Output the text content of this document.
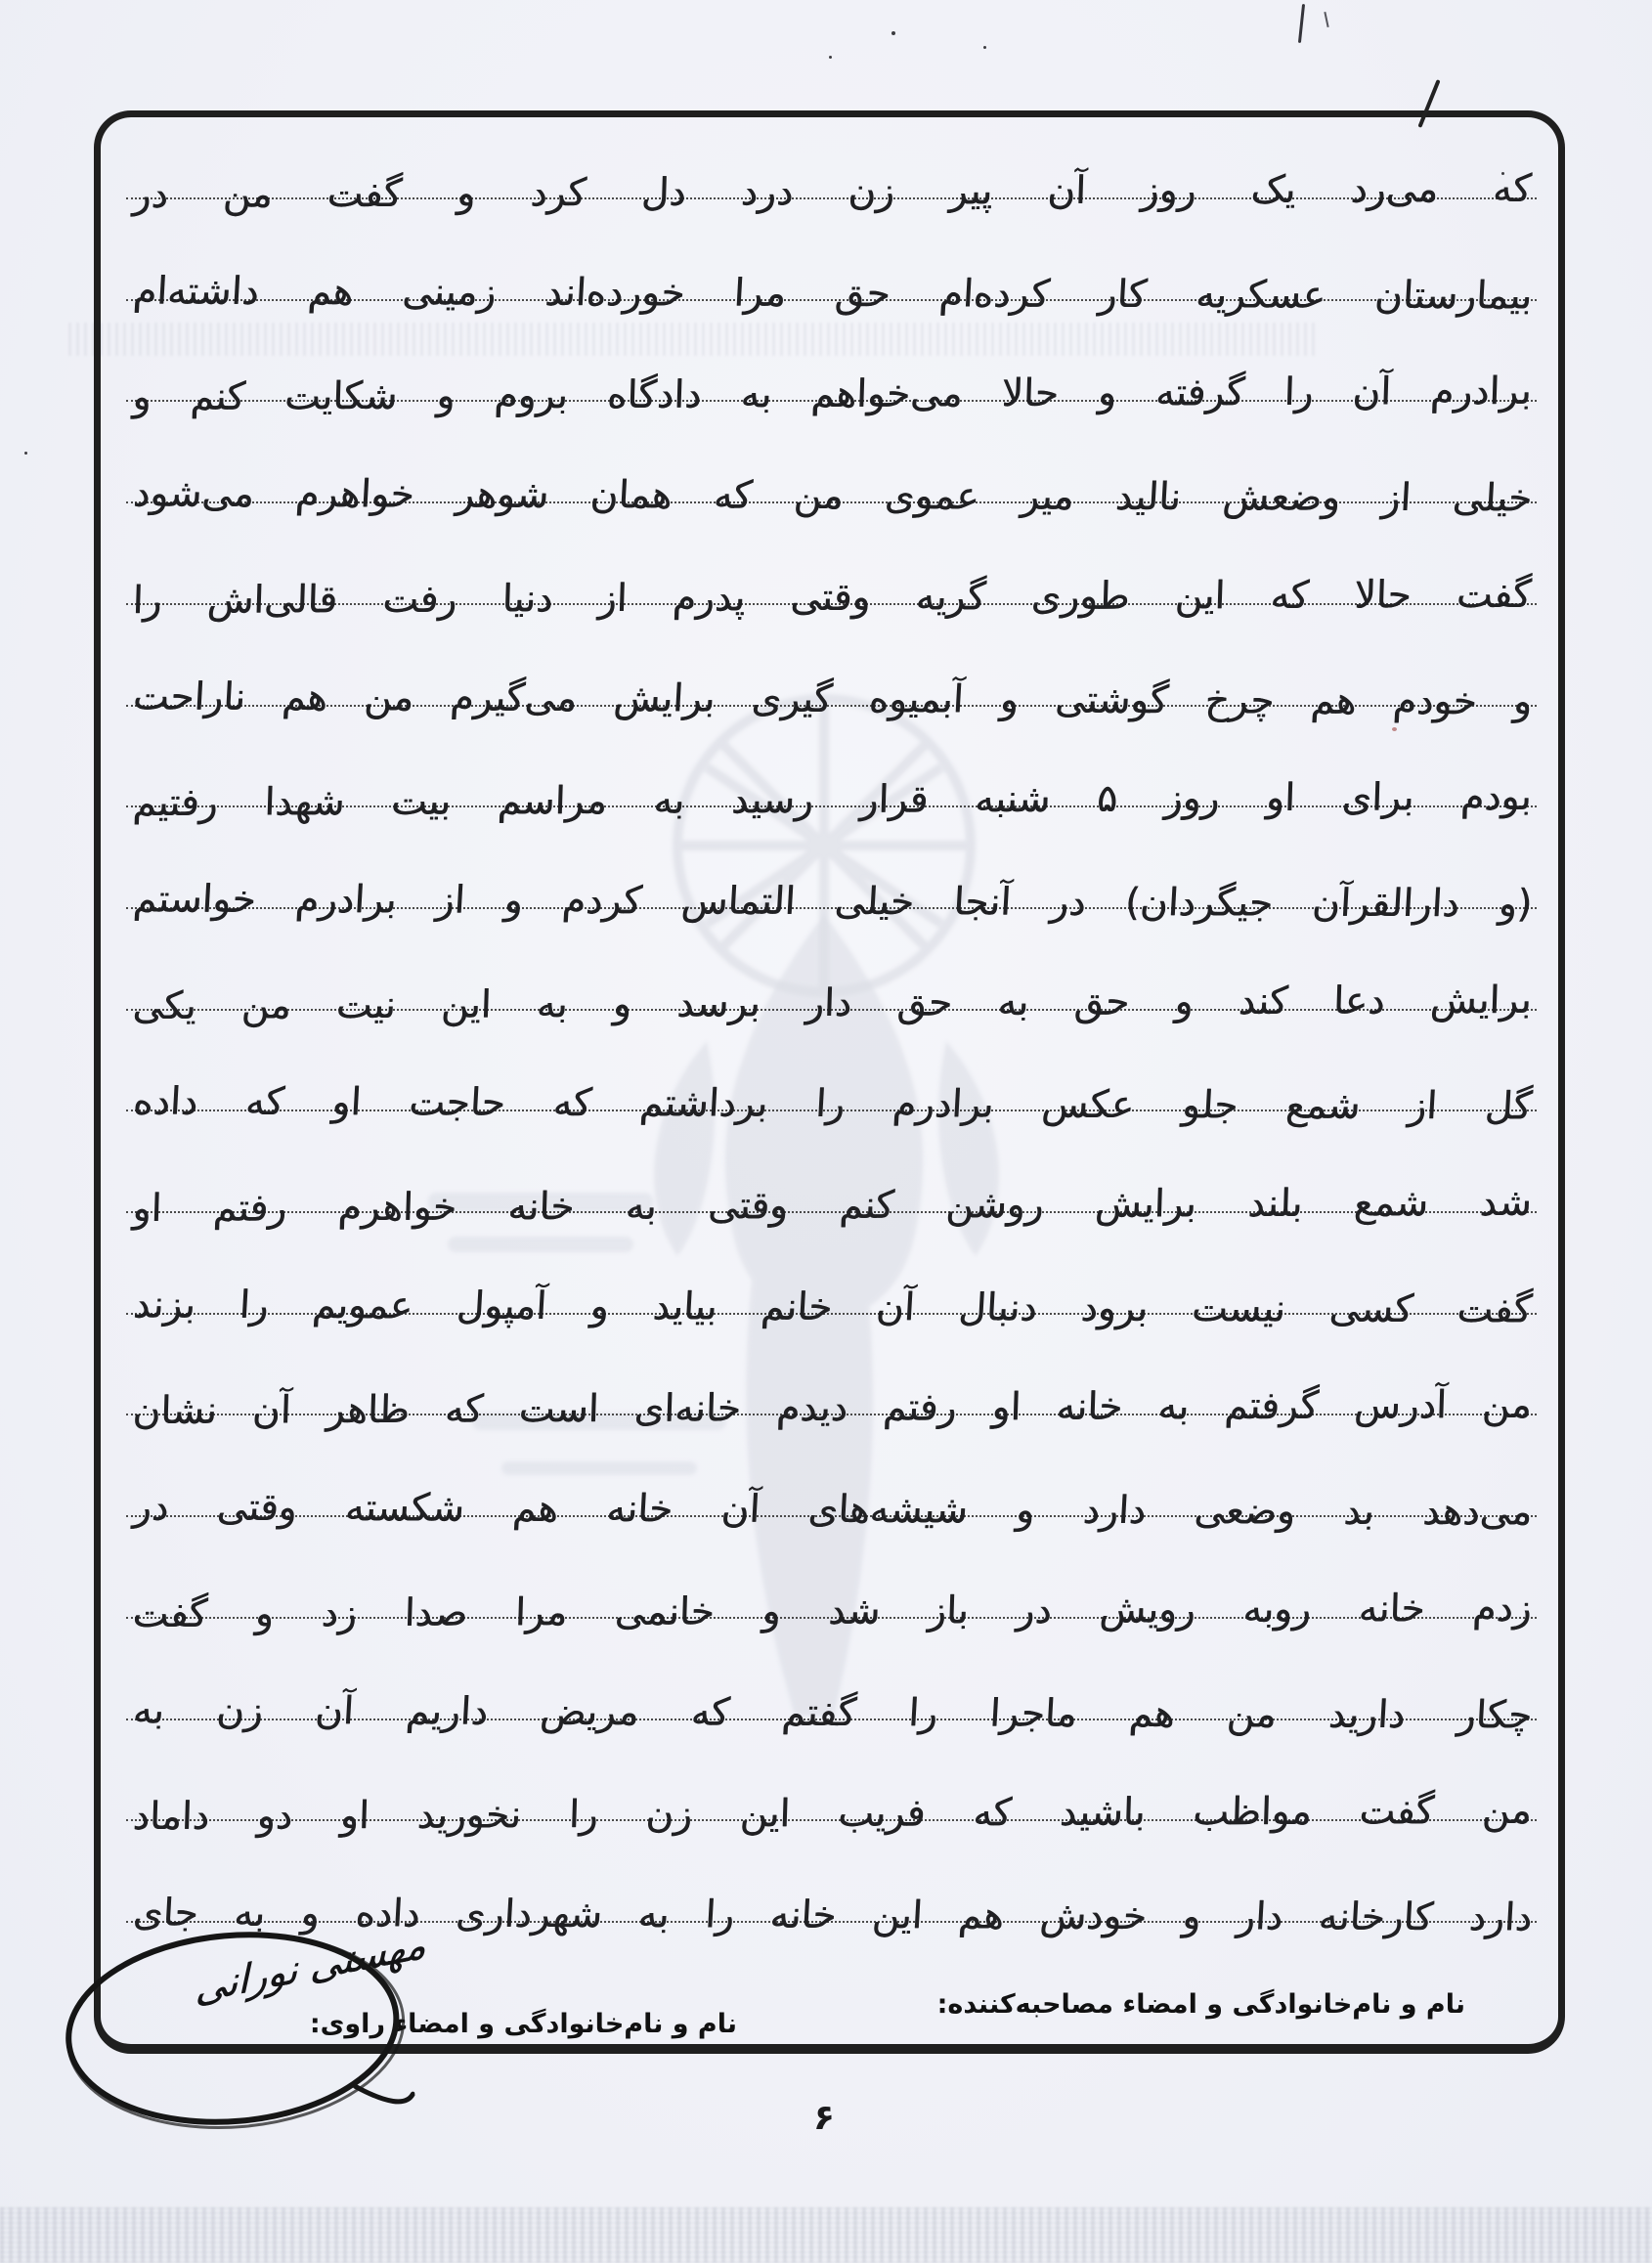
که می‌رد یک روز آن پیر زن درد دل کرد و گفت من در
بیمارستان عسکریه کار کرده‌ام حق مرا خورده‌اند زمینی هم داشته‌ام
برادرم آن را گرفته و حالا می‌خواهم به دادگاه بروم و شکایت کنم و
خیلی از وضعش نالید میر عموی من که همان شوهر خواهرم می‌شود
گفت حالا که این طوری گریه وقتی پدرم از دنیا رفت قالی‌اش را
و خودم هم چرخ گوشتی و آبمیوه گیری برایش می‌گیرم من هم ناراحت
بودم برای او روز ۵ شنبه قرار رسید به مراسم بیت شهدا رفتیم
(و دارالقرآن جیگردان) در آنجا خیلی التماس کردم و از برادرم خواستم
برایش دعا کند و حق به حق دار برسد و به این نیت من یکی
گل از شمع جلو عکس برادرم را برداشتم که حاجت او که داده
شد شمع بلند برایش روشن کنم وقتی به خانه خواهرم رفتم او
گفت کسی نیست برود دنبال آن خانم بیاید و آمپول عمویم را بزند
من آدرس گرفتم به خانه او رفتم دیدم خانه‌ای است که ظاهر آن نشان
می‌دهد بد وضعی دارد و شیشه‌های آن خانه هم شکسته وقتی در
زدم خانه روبه رویش در باز شد و خانمی مرا صدا زد و گفت
چکار دارید من هم ماجرا را گفتم که مریض داریم آن زن به
من گفت مواظب باشید که فریب این زن را نخورید او دو داماد
دارد کارخانه دار و خودش هم این خانه را به شهرداری داده و به جای
نام و نام‌خانوادگی و امضاء مصاحبه‌کننده:
نام و نام‌خانوادگی و امضاء راوی:
مهستی نورانی
۶
